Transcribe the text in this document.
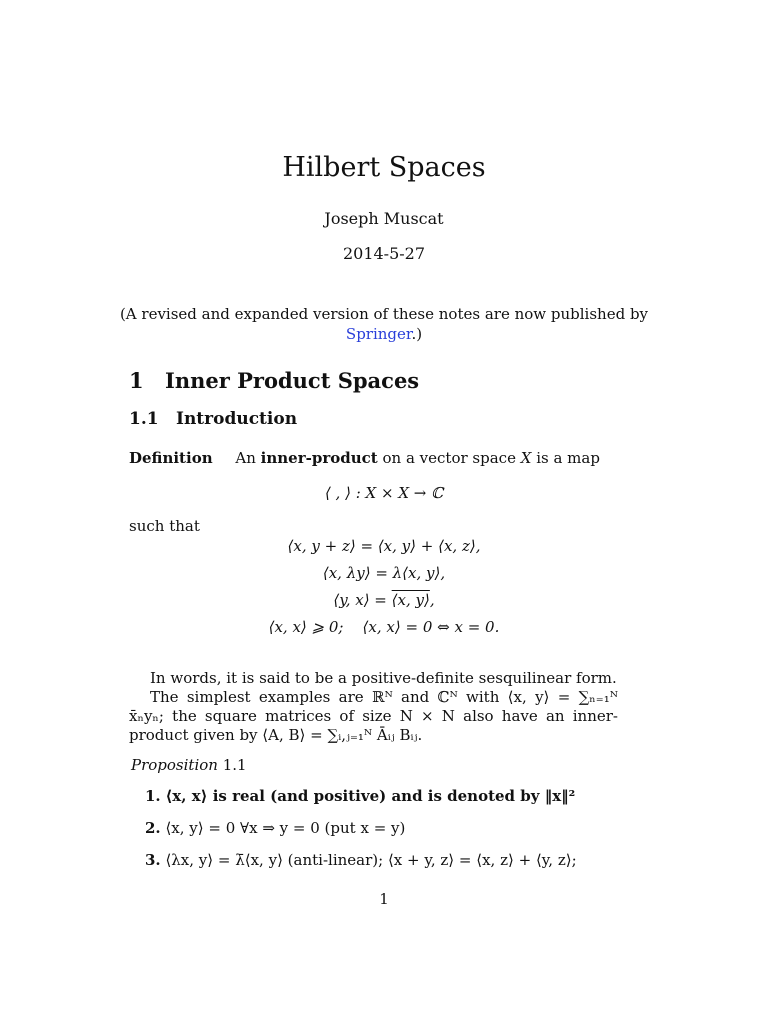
Hilbert Spaces
Joseph Muscat
2014-5-27
(A revised and expanded version of these notes are now published by
Springer.)
1 Inner Product Spaces
1.1 Introduction
Definition An inner-product on a vector space X is a map
⟨ , ⟩ : X × X → ℂ
such that
⟨x, y + z⟩ = ⟨x, y⟩ + ⟨x, z⟩,
⟨x, λy⟩ = λ⟨x, y⟩,
⟨y, x⟩ = ⟨x, y⟩,
⟨x, x⟩ ⩾ 0;    ⟨x, x⟩ = 0 ⇔ x = 0.
In words, it is said to be a positive-definite sesquilinear form.
The simplest examples are ℝᴺ and ℂᴺ with ⟨x, y⟩ = ∑ₙ₌₁ᴺ x̄ₙyₙ; the square matrices of size N × N also have an inner-product given by ⟨A, B⟩ = ∑ᵢ,ⱼ₌₁ᴺ Āᵢⱼ Bᵢⱼ.
Proposition 1.1
1. ⟨x, x⟩ is real (and positive) and is denoted by ‖x‖²
2. ⟨x, y⟩ = 0 ∀x ⇒ y = 0 (put x = y)
3. ⟨λx, y⟩ = λ̄⟨x, y⟩ (anti-linear); ⟨x + y, z⟩ = ⟨x, z⟩ + ⟨y, z⟩;
1
